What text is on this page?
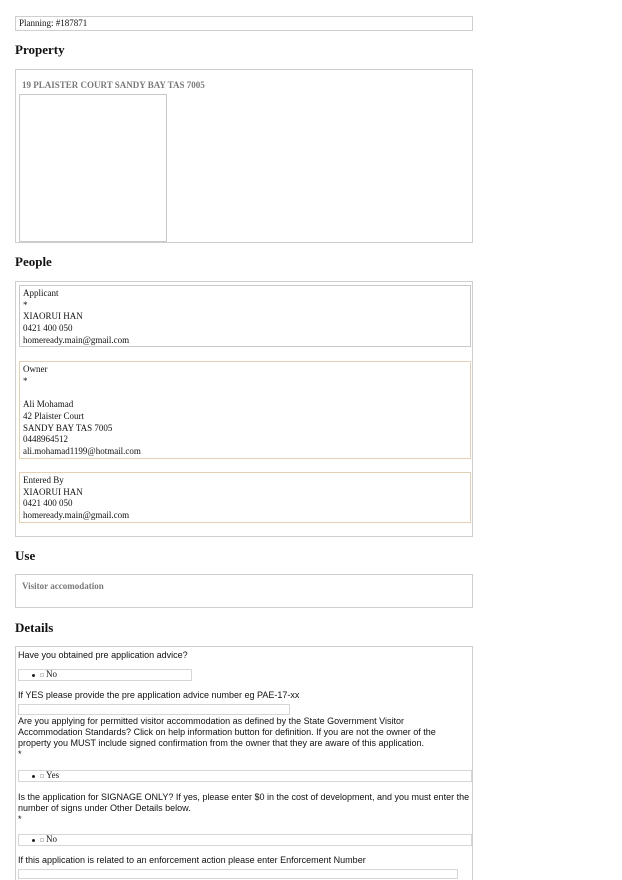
Planning: #187871
Property
19 PLAISTER COURT SANDY BAY TAS 7005
People
Applicant
*
XIAORUI HAN
0421 400 050
homeready.main@gmail.com
Owner
*
Ali Mohamad
42 Plaister Court
SANDY BAY TAS 7005
0448964512
ali.mohamad1199@hotmail.com
Entered By
XIAORUI HAN
0421 400 050
homeready.main@gmail.com
Use
Visitor accomodation
Details
Have you obtained pre application advice?
No
If YES please provide the pre application advice number eg PAE-17-xx
Are you applying for permitted visitor accommodation as defined by the State Government Visitor
Accommodation Standards? Click on help information button for definition. If you are not the owner of the
property you MUST include signed confirmation from the owner that they are aware of this application.
*
Yes
Is the application for SIGNAGE ONLY? If yes, please enter $0 in the cost of development, and you must enter the
number of signs under Other Details below.
*
No
If this application is related to an enforcement action please enter Enforcement Number
